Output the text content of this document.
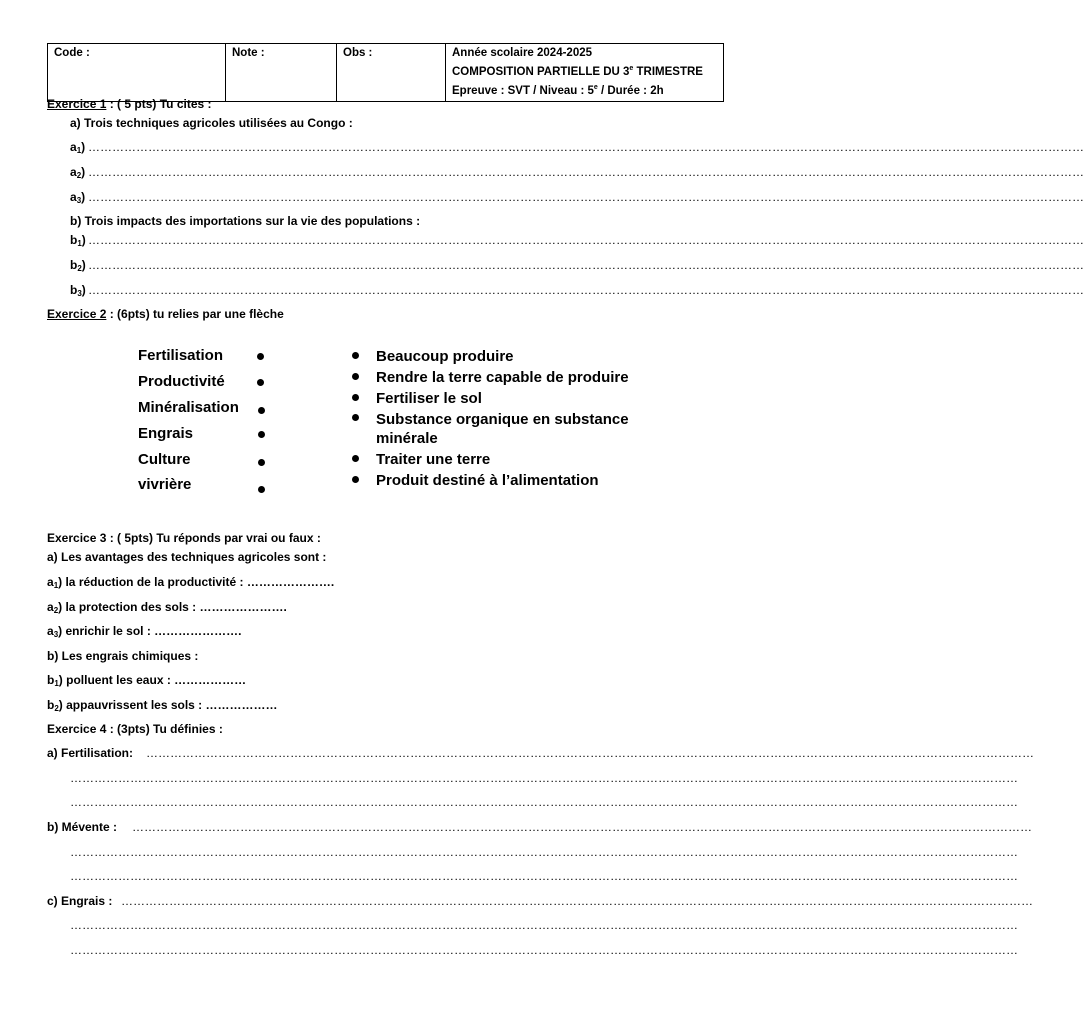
Code :	Note :	Obs :	Année scolaire 2024-2025
COMPOSITION PARTIELLE DU 3e TRIMESTRE
Epreuve : SVT / Niveau : 5e / Durée : 2h
Exercice 1 : ( 5 pts) Tu cites :
a) Trois techniques agricoles utilisées au Congo :
$a_1$) ……………………………………………………………………………………………………………………………………………………………………………………………………………………………
$a_2$) ……………………………………………………………………………………………………………………………………………………………………………………………………………………………
$a_3$) ……………………………………………………………………………………………………………………………………………………………………………………………………………………………
b) Trois impacts des importations sur la vie des populations :
$b_1$) ……………………………………………………………………………………………………………………………………………………………………………………………………………………………
$b_2$) ……………………………………………………………………………………………………………………………………………………………………………………………………………………………
$b_3$) ……………………………………………………………………………………………………………………………………………………………………………………………………………………………
Exercice 2 : (6pts) tu relies par une flèche
Fertilisation
Productivité
Minéralisation
Engrais
Culture
vivrière
Beaucoup produire
Rendre la terre capable de produire
Fertiliser le sol
Substance organique en substance
minérale
Traiter une terre
Produit destiné à l’alimentation
Exercice 3 : ( 5pts) Tu réponds par vrai ou faux :
a) Les avantages des techniques agricoles sont :
$a_1$) la réduction de la productivité : ………………….
$a_2$) la protection des sols : ………………….
$a_3$) enrichir le sol : ………………….
b) Les engrais chimiques :
$b_1$) polluent les eaux : ………………
$b_2$) appauvrissent les sols : ………………
Exercice 4 : (3pts) Tu définies :
a) Fertilisation: ……………………………………………………………………………………………………………………………………………………………………………………………………
…………………………………………………………………………………………………………………………………………………………………………………………………………………
…………………………………………………………………………………………………………………………………………………………………………………………………………………
b) Mévente : ………………………………………………………………………………………………………………………………………………………………………………………………………
…………………………………………………………………………………………………………………………………………………………………………………………………………………
…………………………………………………………………………………………………………………………………………………………………………………………………………………
c) Engrais : …………………………………………………………………………………………………………………………………………………………………………………………………………
…………………………………………………………………………………………………………………………………………………………………………………………………………………
…………………………………………………………………………………………………………………………………………………………………………………………………………………
